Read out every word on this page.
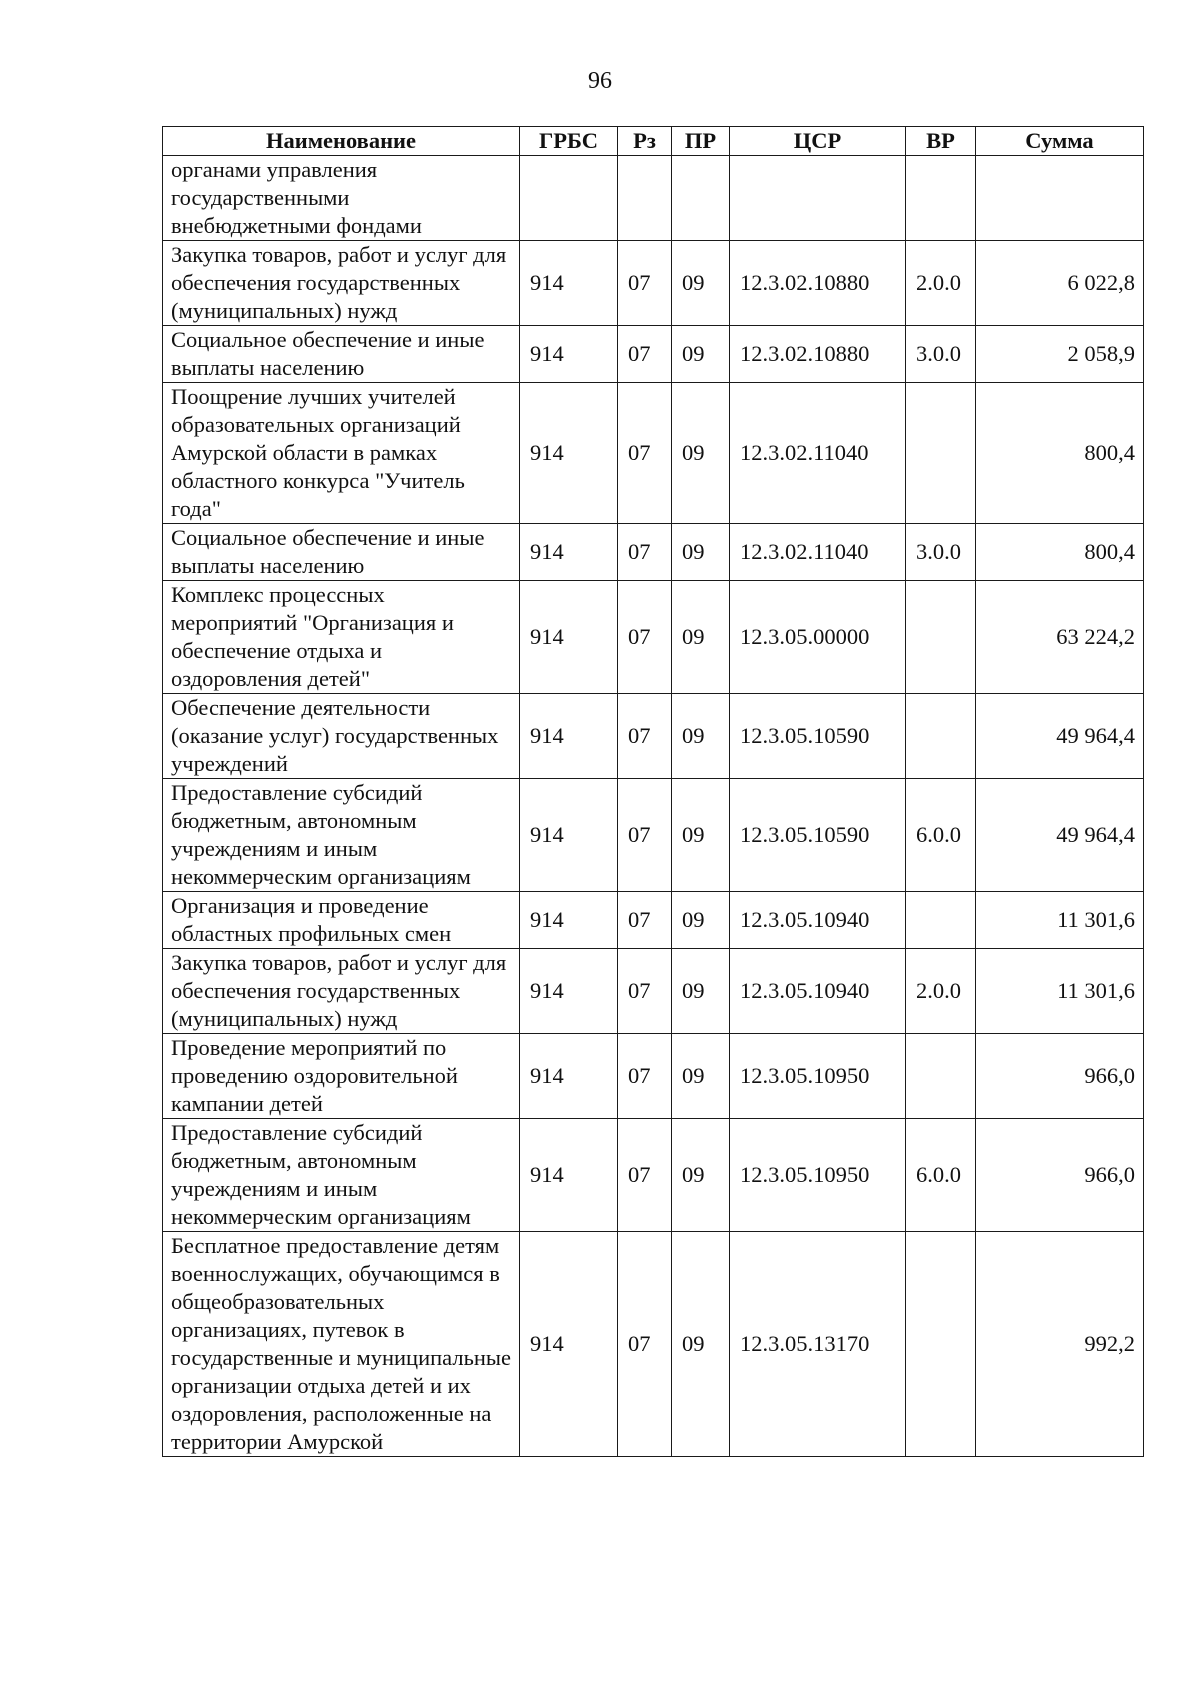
96
Наименование	ГРБС	Рз	ПР	ЦСР	ВР	Сумма
органами управления государственными внебюджетными фондами						
Закупка товаров, работ и услуг для обеспечения государственных (муниципальных) нужд	914	07	09	12.3.02.10880	2.0.0	6 022,8
Социальное обеспечение и иные выплаты населению	914	07	09	12.3.02.10880	3.0.0	2 058,9
Поощрение лучших учителей образовательных организаций Амурской области в рамках областного конкурса "Учитель года"	914	07	09	12.3.02.11040		800,4
Социальное обеспечение и иные выплаты населению	914	07	09	12.3.02.11040	3.0.0	800,4
Комплекс процессных мероприятий "Организация и обеспечение отдыха и оздоровления детей"	914	07	09	12.3.05.00000		63 224,2
Обеспечение деятельности (оказание услуг) государственных учреждений	914	07	09	12.3.05.10590		49 964,4
Предоставление субсидий бюджетным, автономным учреждениям и иным некоммерческим организациям	914	07	09	12.3.05.10590	6.0.0	49 964,4
Организация и проведение областных профильных смен	914	07	09	12.3.05.10940		11 301,6
Закупка товаров, работ и услуг для обеспечения государственных (муниципальных) нужд	914	07	09	12.3.05.10940	2.0.0	11 301,6
Проведение мероприятий по проведению оздоровительной кампании детей	914	07	09	12.3.05.10950		966,0
Предоставление субсидий бюджетным, автономным учреждениям и иным некоммерческим организациям	914	07	09	12.3.05.10950	6.0.0	966,0
Бесплатное предоставление детям военнослужащих, обучающимся в общеобразовательных организациях, путевок в государственные и муниципальные организации отдыха детей и их оздоровления, расположенные на территории Амурской	914	07	09	12.3.05.13170		992,2
